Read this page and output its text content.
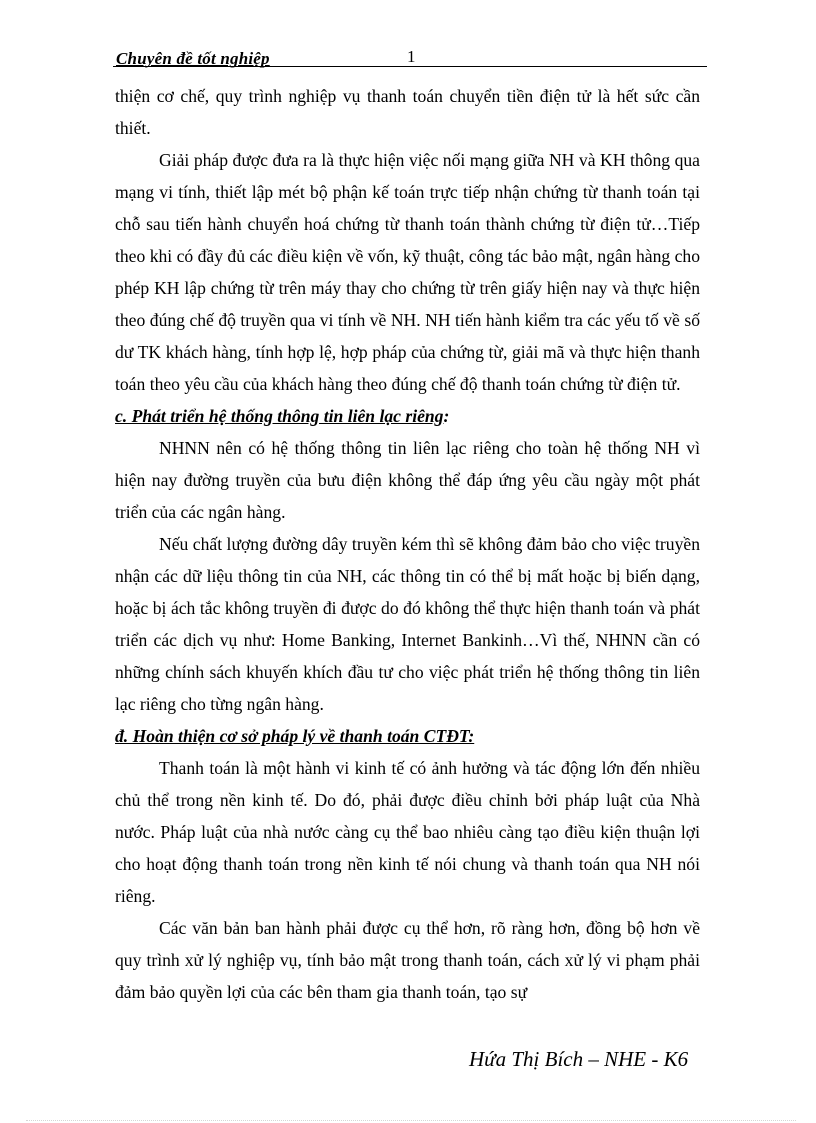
Chuyên đề tốt nghiệp	1

thiện cơ chế, quy trình nghiệp vụ thanh toán chuyển tiền điện tử là hết sức cần thiết.

Giải pháp được đưa ra là thực hiện việc nối mạng giữa NH và KH thông qua mạng vi tính, thiết lập mét bộ phận kế toán trực tiếp nhận chứng từ thanh toán tại chỗ sau tiến hành chuyển hoá chứng từ thanh toán thành chứng từ điện tử…Tiếp theo khi có đầy đủ các điều kiện về vốn, kỹ thuật, công tác bảo mật, ngân hàng cho phép KH lập chứng từ trên máy thay cho chứng từ trên giấy hiện nay và thực hiện theo đúng chế độ truyền qua vi tính về NH. NH tiến hành kiểm tra các yếu tố về số dư TK khách hàng, tính hợp lệ, hợp pháp của chứng từ, giải mã và thực hiện thanh toán theo yêu cầu của khách hàng theo đúng chế độ thanh toán chứng từ điện tử.

c. Phát triển hệ thống thông tin liên lạc riêng:

NHNN nên có hệ thống thông tin liên lạc riêng cho toàn hệ thống NH vì hiện nay đường truyền của bưu điện không thể đáp ứng yêu cầu ngày một phát triển của các ngân hàng.

Nếu chất lượng đường dây truyền kém thì sẽ không đảm bảo cho việc truyền nhận các dữ liệu thông tin của NH, các thông tin có thể bị mất hoặc bị biến dạng, hoặc bị ách tắc không truyền đi được do đó không thể thực hiện thanh toán và phát triển các dịch vụ như: Home Banking, Internet Bankinh…Vì thế, NHNN cần có những chính sách khuyến khích đầu tư cho việc phát triển hệ thống thông tin liên lạc riêng cho từng ngân hàng.

đ. Hoàn thiện cơ sở pháp lý về thanh toán CTĐT:

Thanh toán là một hành vi kinh tế có ảnh hưởng và tác động lớn đến nhiều chủ thể trong nền kinh tế. Do đó, phải được điều chỉnh bởi pháp luật của Nhà nước. Pháp luật của nhà nước càng cụ thể bao nhiêu càng tạo điều kiện thuận lợi cho hoạt động thanh toán trong nền kinh tế nói chung và thanh toán qua NH nói riêng.

Các văn bản ban hành phải được cụ thể hơn, rõ ràng hơn, đồng bộ hơn về quy trình xử lý nghiệp vụ, tính bảo mật trong thanh toán, cách xử lý vi phạm phải đảm bảo quyền lợi của các bên tham gia thanh toán, tạo sự

Hứa Thị Bích – NHE - K6
